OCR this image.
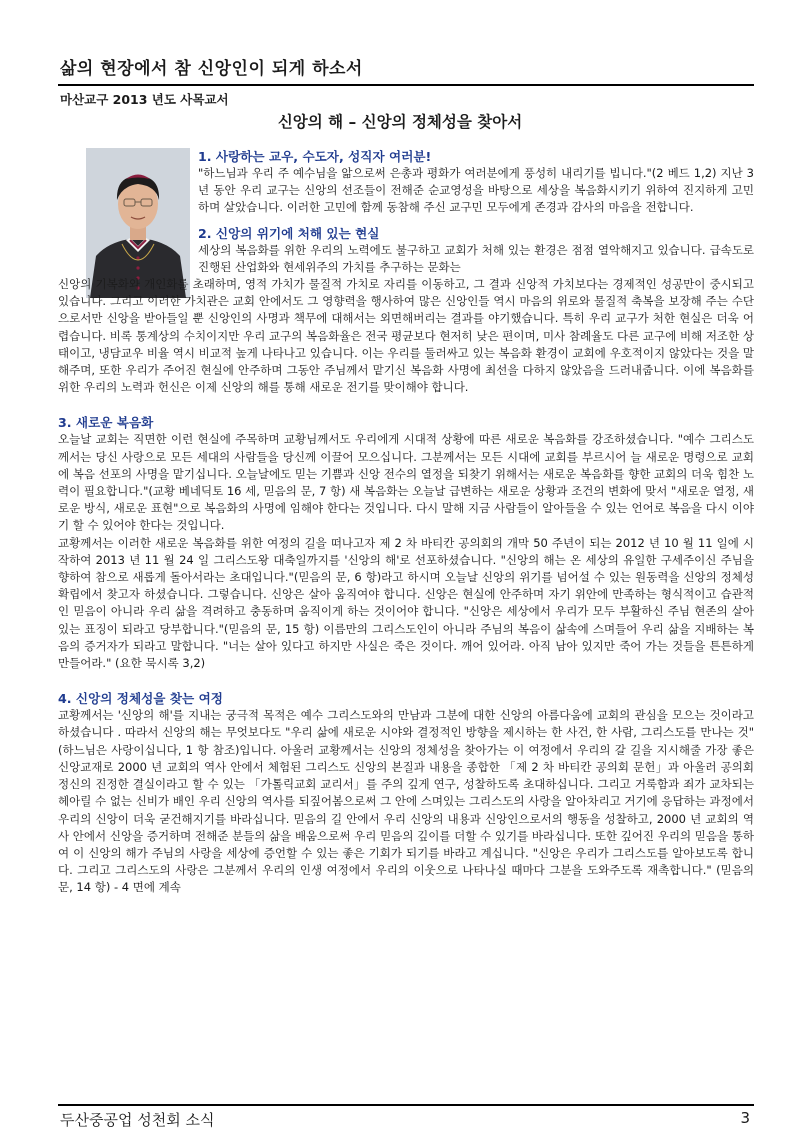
삶의 현장에서 참 신앙인이 되게 하소서
마산교구 2013 년도 사목교서
신앙의 해 – 신앙의 정체성을 찾아서
1. 사랑하는 교우, 수도자, 성직자 여러분!

"하느님과 우리 주 예수님을 앎으로써 은총과 평화가 여러분에게 풍성히 내리기를 빕니다."(2 베드 1,2) 지난 3 년 동안 우리 교구는 신앙의 선조들이 전해준 순교영성을 바탕으로 세상을 복음화시키기 위하여 진지하게 고민하며 살았습니다. 이러한 고민에 함께 동참해 주신 교구민 모두에게 존경과 감사의 마음을 전합니다.

2. 신앙의 위기에 처해 있는 현실

세상의 복음화를 위한 우리의 노력에도 불구하고 교회가 처해 있는 환경은 점점 열악해지고 있습니다. 급속도로 진행된 산업화와 현세위주의 가치를 추구하는 문화는

신앙의 기복화와 개인화를 초래하며, 영적 가치가 물질적 가치로 자리를 이동하고, 그 결과 신앙적 가치보다는 경제적인 성공만이 중시되고 있습니다. 그리고 이러한 가치관은 교회 안에서도 그 영향력을 행사하여 많은 신앙인들 역시 마음의 위로와 물질적 축복을 보장해 주는 수단으로서만 신앙을 받아들일 뿐 신앙인의 사명과 책무에 대해서는 외면해버리는 결과를 야기했습니다. 특히 우리 교구가 처한 현실은 더욱 어렵습니다. 비록 통계상의 수치이지만 우리 교구의 복음화율은 전국 평균보다 현저히 낮은 편이며, 미사 참례율도 다른 교구에 비해 저조한 상태이고, 냉담교우 비율 역시 비교적 높게 나타나고 있습니다. 이는 우리를 둘러싸고 있는 복음화 환경이 교회에 우호적이지 않았다는 것을 말해주며, 또한 우리가 주어진 현실에 안주하며 그동안 주님께서 맡기신 복음화 사명에 최선을 다하지 않았음을 드러내줍니다. 이에 복음화를 위한 우리의 노력과 헌신은 이제 신앙의 해를 통해 새로운 전기를 맞이해야 합니다.

3. 새로운 복음화

오늘날 교회는 직면한 이런 현실에 주목하며 교황님께서도 우리에게 시대적 상황에 따른 새로운 복음화를 강조하셨습니다. "예수 그리스도께서는 당신 사랑으로 모든 세대의 사람들을 당신께 이끌어 모으십니다. 그분께서는 모든 시대에 교회를 부르시어 늘 새로운 명령으로 교회에 복음 선포의 사명을 맡기십니다. 오늘날에도 믿는 기쁨과 신앙 전수의 열정을 되찾기 위해서는 새로운 복음화를 향한 교회의 더욱 힘찬 노력이 필요합니다."(교황 베네딕토 16 세, 믿음의 문, 7 항) 새 복음화는 오늘날 급변하는 새로운 상황과 조건의 변화에 맞서 "새로운 열정, 새로운 방식, 새로운 표현"으로 복음화의 사명에 임해야 한다는 것입니다. 다시 말해 지금 사람들이 알아들을 수 있는 언어로 복음을 다시 이야기 할 수 있어야 한다는 것입니다.

교황께서는 이러한 새로운 복음화를 위한 여정의 길을 떠나고자 제 2 차 바티칸 공의회의 개막 50 주년이 되는 2012 년 10 월 11 일에 시작하여 2013 년 11 월 24 일 그리스도왕 대축일까지를 '신앙의 해'로 선포하셨습니다. "신앙의 해는 온 세상의 유일한 구세주이신 주님을 향하여 참으로 새롭게 돌아서라는 초대입니다."(믿음의 문, 6 항)라고 하시며 오늘날 신앙의 위기를 넘어설 수 있는 원동력을 신앙의 정체성 확립에서 찾고자 하셨습니다. 그렇습니다. 신앙은 살아 움직여야 합니다. 신앙은 현실에 안주하며 자기 위안에 만족하는 형식적이고 습관적인 믿음이 아니라 우리 삶을 격려하고 충동하며 움직이게 하는 것이어야 합니다. "신앙은 세상에서 우리가 모두 부활하신 주님 현존의 살아 있는 표징이 되라고 당부합니다."(믿음의 문, 15 항) 이름만의 그리스도인이 아니라 주님의 복음이 삶속에 스며들어 우리 삶을 지배하는 복음의 증거자가 되라고 말합니다. "너는 살아 있다고 하지만 사실은 죽은 것이다. 깨어 있어라. 아직 남아 있지만 죽어 가는 것들을 튼튼하게 만들어라." (요한 묵시록 3,2)

4. 신앙의 정체성을 찾는 여정

교황께서는 '신앙의 해'를 지내는 궁극적 목적은 예수 그리스도와의 만남과 그분에 대한 신앙의 아름다움에 교회의 관심을 모으는 것이라고 하셨습니다 . 따라서 신앙의 해는 무엇보다도 "우리 삶에 새로운 시야와 결정적인 방향을 제시하는 한 사건, 한 사람, 그리스도를 만나는 것"(하느님은 사랑이십니다, 1 항 참조)입니다. 아울러 교황께서는 신앙의 정체성을 찾아가는 이 여정에서 우리의 갈 길을 지시해줄 가장 좋은 신앙교재로 2000 년 교회의 역사 안에서 체험된 그리스도 신앙의 본질과 내용을 종합한 「제 2 차 바티칸 공의회 문헌」과 아울러 공의회 정신의 진정한 결실이라고 할 수 있는 「가톨릭교회 교리서」를 주의 깊게 연구, 성찰하도록 초대하십니다. 그리고 거룩함과 죄가 교차되는 헤아릴 수 없는 신비가 배인 우리 신앙의 역사를 되짚어봄으로써 그 안에 스며있는 그리스도의 사랑을 알아차리고 거기에 응답하는 과정에서 우리의 신앙이 더욱 굳건해지기를 바라십니다. 믿음의 길 안에서 우리 신앙의 내용과 신앙인으로서의 행동을 성찰하고, 2000 년 교회의 역사 안에서 신앙을 증거하며 전해준 분들의 삶을 배움으로써 우리 믿음의 깊이를 더할 수 있기를 바라십니다. 또한 깊어진 우리의 믿음을 통하여 이 신앙의 해가 주님의 사랑을 세상에 증언할 수 있는 좋은 기회가 되기를 바라고 계십니다. "신앙은 우리가 그리스도를 알아보도록 합니다. 그리고 그리스도의 사랑은 그분께서 우리의 인생 여정에서 우리의 이웃으로 나타나실 때마다 그분을 도와주도록 재촉합니다." (믿음의 문, 14 항) - 4 면에 계속

두산중공업 성천회 소식	3
